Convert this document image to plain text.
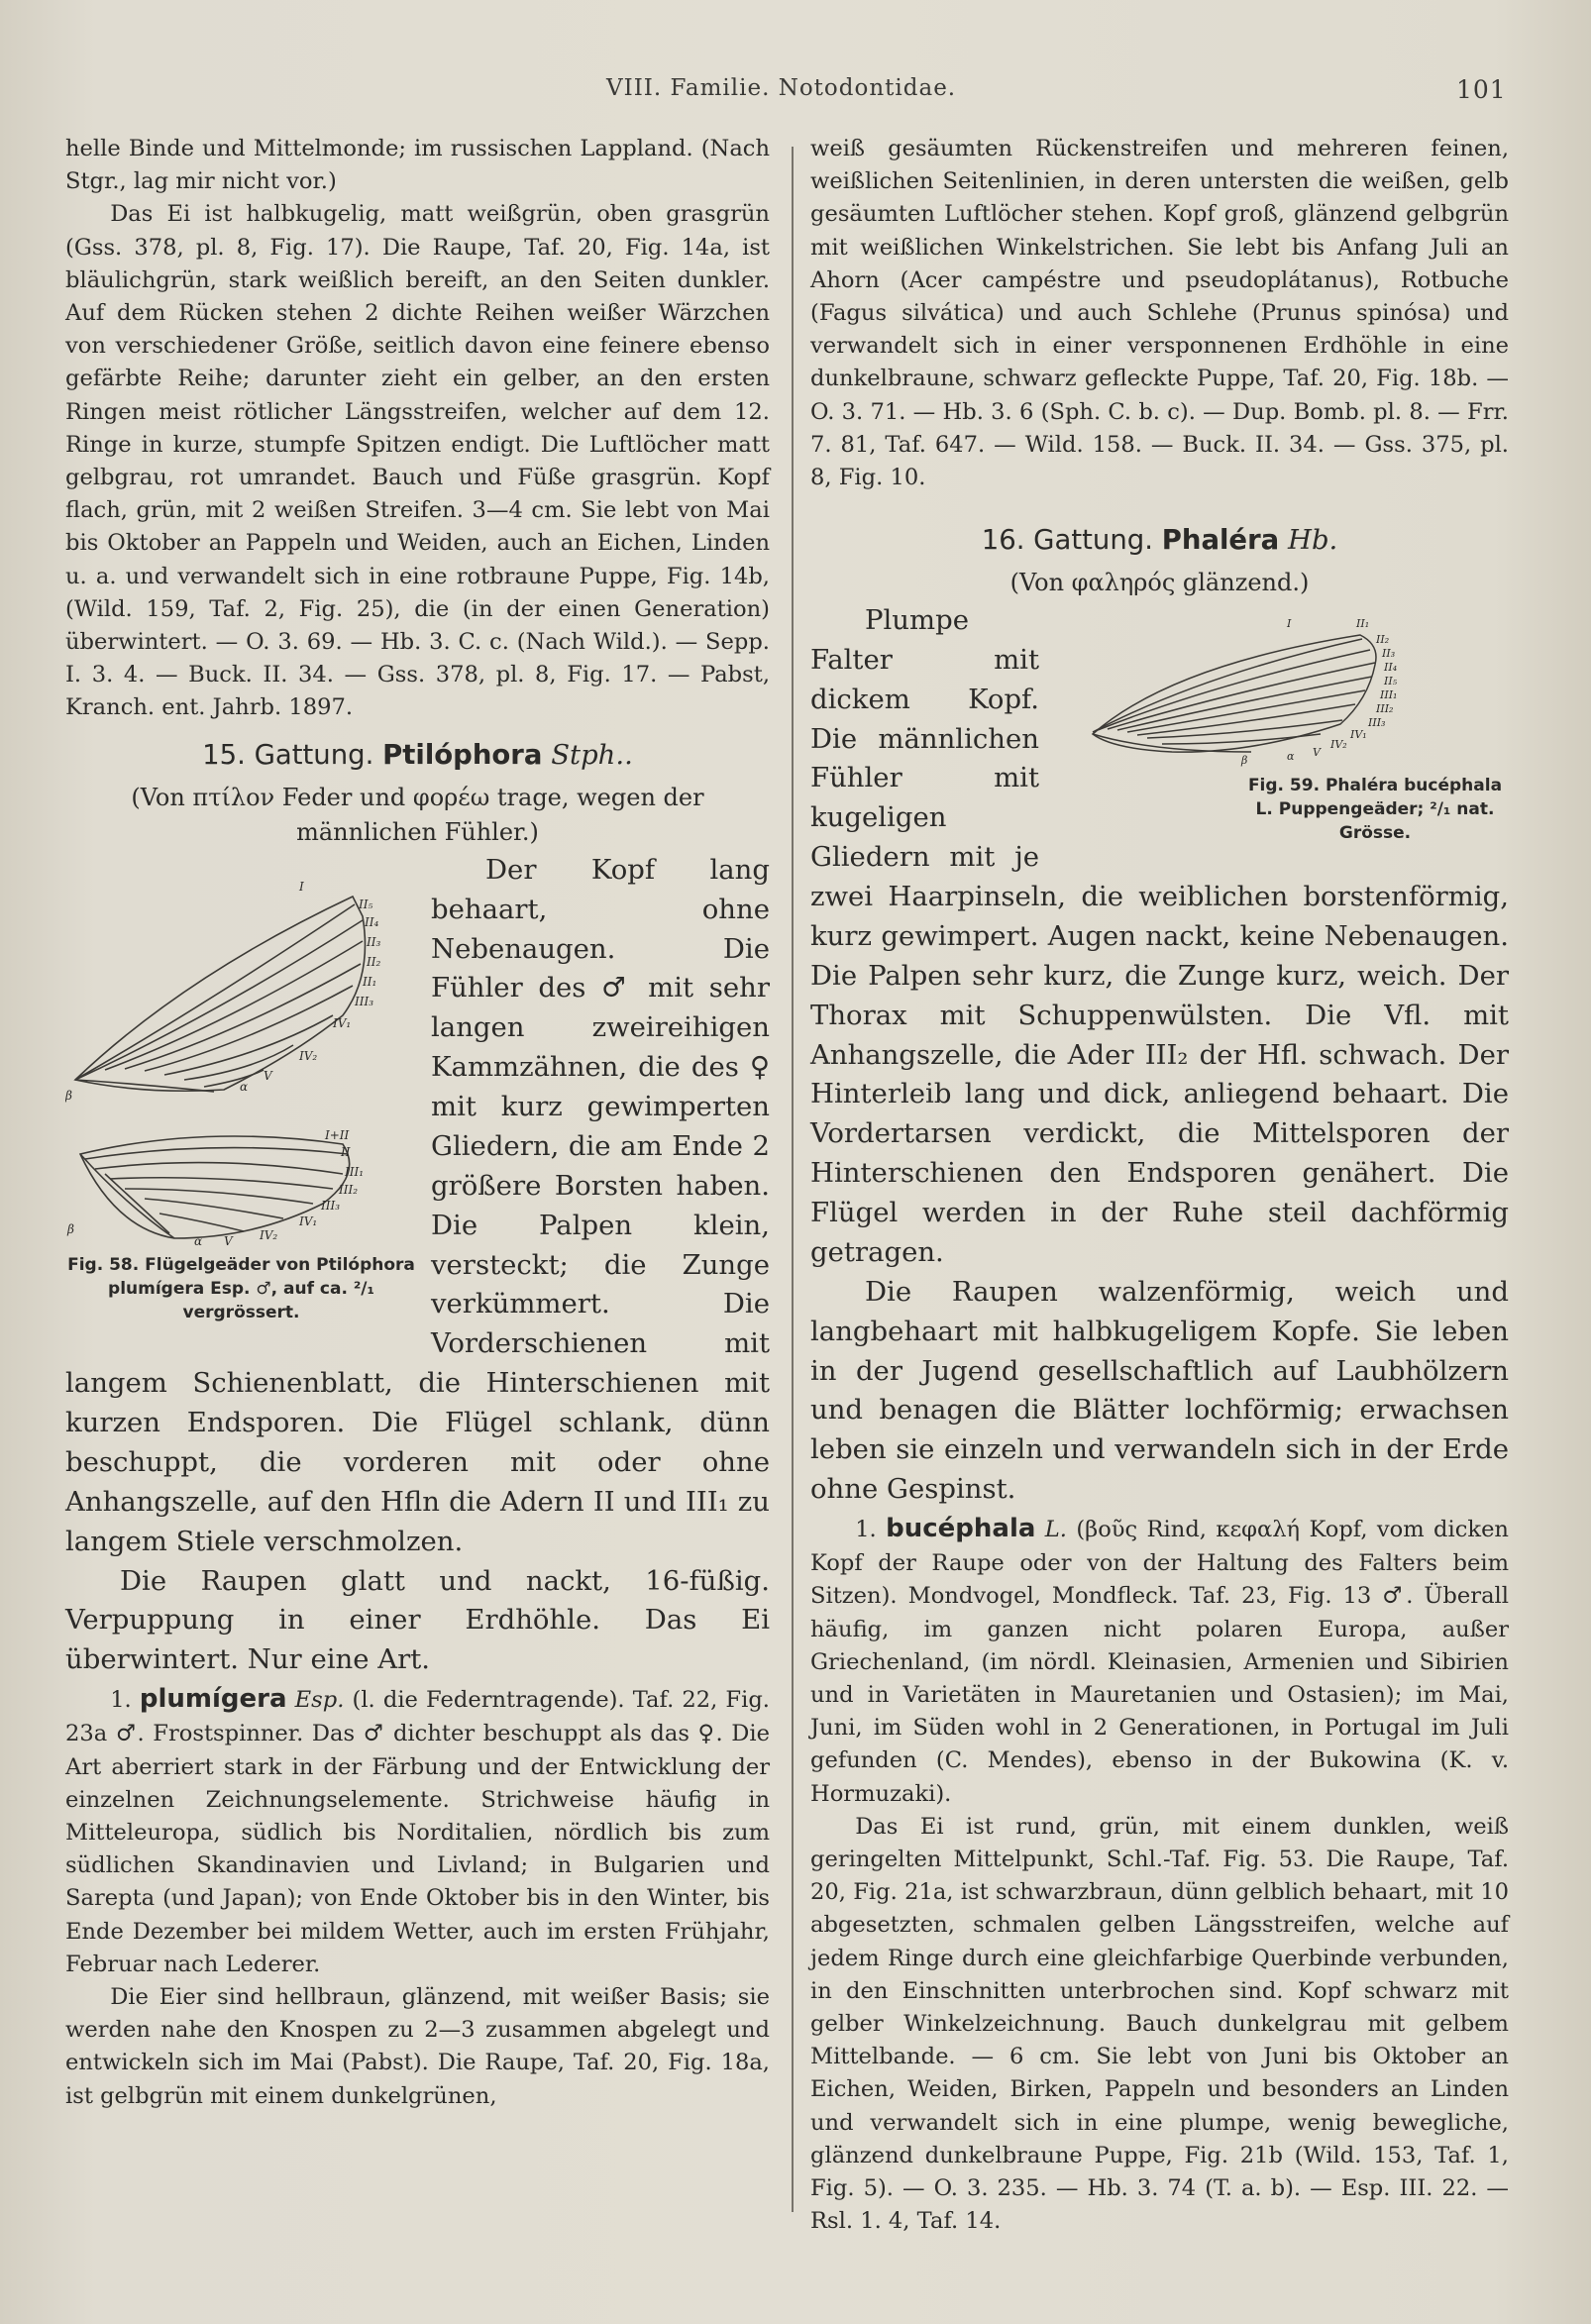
VIII. Familie. Notodontidae.	101

helle Binde und Mittelmonde; im russischen Lappland. (Nach Stgr., lag mir nicht vor.)

Das Ei ist halbkugelig, matt weißgrün, oben grasgrün (Gss. 378, pl. 8, Fig. 17). Die Raupe, Taf. 20, Fig. 14a, ist bläulichgrün, stark weißlich bereift, an den Seiten dunkler. Auf dem Rücken stehen 2 dichte Reihen weißer Wärzchen von verschiedener Größe, seitlich davon eine feinere ebenso gefärbte Reihe; darunter zieht ein gelber, an den ersten Ringen meist rötlicher Längsstreifen, welcher auf dem 12. Ringe in kurze, stumpfe Spitzen endigt. Die Luftlöcher matt gelbgrau, rot umrandet. Bauch und Füße grasgrün. Kopf flach, grün, mit 2 weißen Streifen. 3—4 cm. Sie lebt von Mai bis Oktober an Pappeln und Weiden, auch an Eichen, Linden u. a. und verwandelt sich in eine rotbraune Puppe, Fig. 14b, (Wild. 159, Taf. 2, Fig. 25), die (in der einen Generation) überwintert. — O. 3. 69. — Hb. 3. C. c. (Nach Wild.). — Sepp. I. 3. 4. — Buck. II. 34. — Gss. 378, pl. 8, Fig. 17. — Pabst, Kranch. ent. Jahrb. 1897.

15. Gattung. Ptilóphora Stph..

(Von πτίλον Feder und φορέω trage, wegen der männlichen Fühler.)

I
II₅
II₄
II₃
II₂
II₁
III₃
IV₁
IV₂
V
α
β
I+II
II
III₁
III₂
III₃
IV₁
IV₂
V
α
β
Fig. 58. Flügelgeäder von Ptilóphora plumígera Esp. ♂, auf ca. ²/₁ vergrössert.

Der Kopf lang behaart, ohne Nebenaugen. Die Fühler des ♂ mit sehr langen zweireihigen Kammzähnen, die des ♀ mit kurz gewimperten Gliedern, die am Ende 2 größere Borsten haben. Die Palpen klein, versteckt; die Zunge verkümmert. Die Vorderschienen mit langem Schienenblatt, die Hinterschienen mit kurzen Endsporen. Die Flügel schlank, dünn beschuppt, die vorderen mit oder ohne Anhangszelle, auf den Hfln die Adern II und III₁ zu langem Stiele verschmolzen.

Die Raupen glatt und nackt, 16-füßig. Verpuppung in einer Erdhöhle. Das Ei überwintert. Nur eine Art.

1. plumígera Esp. (l. die Federntragende). Taf. 22, Fig. 23a ♂. Frostspinner. Das ♂ dichter beschuppt als das ♀. Die Art aberriert stark in der Färbung und der Entwicklung der einzelnen Zeichnungselemente. Strichweise häufig in Mitteleuropa, südlich bis Norditalien, nördlich bis zum südlichen Skandinavien und Livland; in Bulgarien und Sarepta (und Japan); von Ende Oktober bis in den Winter, bis Ende Dezember bei mildem Wetter, auch im ersten Frühjahr, Februar nach Lederer.

Die Eier sind hellbraun, glänzend, mit weißer Basis; sie werden nahe den Knospen zu 2—3 zusammen abgelegt und entwickeln sich im Mai (Pabst). Die Raupe, Taf. 20, Fig. 18a, ist gelbgrün mit einem dunkelgrünen,

weiß gesäumten Rückenstreifen und mehreren feinen, weißlichen Seitenlinien, in deren untersten die weißen, gelb gesäumten Luftlöcher stehen. Kopf groß, glänzend gelbgrün mit weißlichen Winkelstrichen. Sie lebt bis Anfang Juli an Ahorn (Acer campéstre und pseudoplátanus), Rotbuche (Fagus silvática) und auch Schlehe (Prunus spinósa) und verwandelt sich in einer versponnenen Erdhöhle in eine dunkelbraune, schwarz gefleckte Puppe, Taf. 20, Fig. 18b. — O. 3. 71. — Hb. 3. 6 (Sph. C. b. c). — Dup. Bomb. pl. 8. — Frr. 7. 81, Taf. 647. — Wild. 158. — Buck. II. 34. — Gss. 375, pl. 8, Fig. 10.

16. Gattung. Phaléra Hb.

(Von φαληρός glänzend.)

I	II₁
II₂
II₃
II₄
II₅
III₁
III₂
III₃
IV₁
IV₂
V
α
β
Fig. 59. Phaléra bucéphala L. Puppengeäder; ²/₁ nat. Grösse.

Plumpe Falter mit dickem Kopf. Die männlichen Fühler mit kugeligen Gliedern mit je zwei Haarpinseln, die weiblichen borstenförmig, kurz gewimpert. Augen nackt, keine Nebenaugen. Die Palpen sehr kurz, die Zunge kurz, weich. Der Thorax mit Schuppenwülsten. Die Vfl. mit Anhangszelle, die Ader III₂ der Hfl. schwach. Der Hinterleib lang und dick, anliegend behaart. Die Vordertarsen verdickt, die Mittelsporen der Hinterschienen den Endsporen genähert. Die Flügel werden in der Ruhe steil dachförmig getragen.

Die Raupen walzenförmig, weich und langbehaart mit halbkugeligem Kopfe. Sie leben in der Jugend gesellschaftlich auf Laubhölzern und benagen die Blätter lochförmig; erwachsen leben sie einzeln und verwandeln sich in der Erde ohne Gespinst.

1. bucéphala L. (βοῦς Rind, κεφαλή Kopf, vom dicken Kopf der Raupe oder von der Haltung des Falters beim Sitzen). Mondvogel, Mondfleck. Taf. 23, Fig. 13 ♂. Überall häufig, im ganzen nicht polaren Europa, außer Griechenland, (im nördl. Kleinasien, Armenien und Sibirien und in Varietäten in Mauretanien und Ostasien); im Mai, Juni, im Süden wohl in 2 Generationen, in Portugal im Juli gefunden (C. Mendes), ebenso in der Bukowina (K. v. Hormuzaki).

Das Ei ist rund, grün, mit einem dunklen, weiß geringelten Mittelpunkt, Schl.-Taf. Fig. 53. Die Raupe, Taf. 20, Fig. 21a, ist schwarzbraun, dünn gelblich behaart, mit 10 abgesetzten, schmalen gelben Längsstreifen, welche auf jedem Ringe durch eine gleichfarbige Querbinde verbunden, in den Einschnitten unterbrochen sind. Kopf schwarz mit gelber Winkelzeichnung. Bauch dunkelgrau mit gelbem Mittelbande. — 6 cm. Sie lebt von Juni bis Oktober an Eichen, Weiden, Birken, Pappeln und besonders an Linden und verwandelt sich in eine plumpe, wenig bewegliche, glänzend dunkelbraune Puppe, Fig. 21b (Wild. 153, Taf. 1, Fig. 5). — O. 3. 235. — Hb. 3. 74 (T. a. b). — Esp. III. 22. — Rsl. 1. 4, Taf. 14.
